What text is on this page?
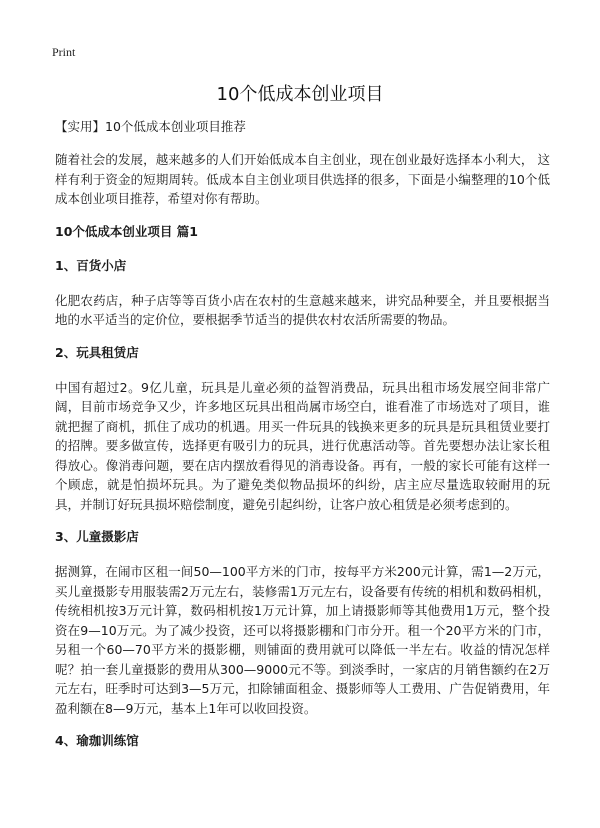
Print
10个低成本创业项目
【实用】10个低成本创业项目推荐
随着社会的发展，越来越多的人们开始低成本自主创业，现在创业最好选择本小利大， 这样有利于资金的短期周转。低成本自主创业项目供选择的很多，下面是小编整理的10个低成本创业项目推荐，希望对你有帮助。
10个低成本创业项目 篇1
1、百货小店
化肥农药店，种子店等等百货小店在农村的生意越来越来，讲究品种要全，并且要根据当地的水平适当的定价位，要根据季节适当的提供农村农活所需要的物品。
2、玩具租赁店
中国有超过2。9亿儿童，玩具是儿童必须的益智消费品，玩具出租市场发展空间非常广阔，目前市场竞争又少，许多地区玩具出租尚属市场空白，谁看准了市场选对了项目，谁就把握了商机，抓住了成功的机遇。用买一件玩具的钱换来更多的玩具是玩具租赁业要打的招牌。要多做宣传，选择更有吸引力的玩具，进行优惠活动等。首先要想办法让家长租得放心。像消毒问题，要在店内摆放看得见的消毒设备。再有，一般的家长可能有这样一个顾虑，就是怕损坏玩具。为了避免类似物品损坏的纠纷，店主应尽量选取较耐用的玩具，并制订好玩具损坏赔偿制度，避免引起纠纷，让客户放心租赁是必须考虑到的。
3、儿童摄影店
据测算，在闹市区租一间50—100平方米的门市，按每平方米200元计算，需1—2万元，买儿童摄影专用服装需2万元左右，装修需1万元左右，设备要有传统的相机和数码相机，传统相机按3万元计算，数码相机按1万元计算，加上请摄影师等其他费用1万元，整个投资在9—10万元。为了减少投资，还可以将摄影棚和门市分开。租一个20平方米的门市，另租一个60—70平方米的摄影棚，则铺面的费用就可以降低一半左右。收益的情况怎样呢？拍一套儿童摄影的费用从300—9000元不等。到淡季时，一家店的月销售额约在2万元左右，旺季时可达到3—5万元，扣除铺面租金、摄影师等人工费用、广告促销费用，年盈利额在8—9万元，基本上1年可以收回投资。
4、瑜珈训练馆
